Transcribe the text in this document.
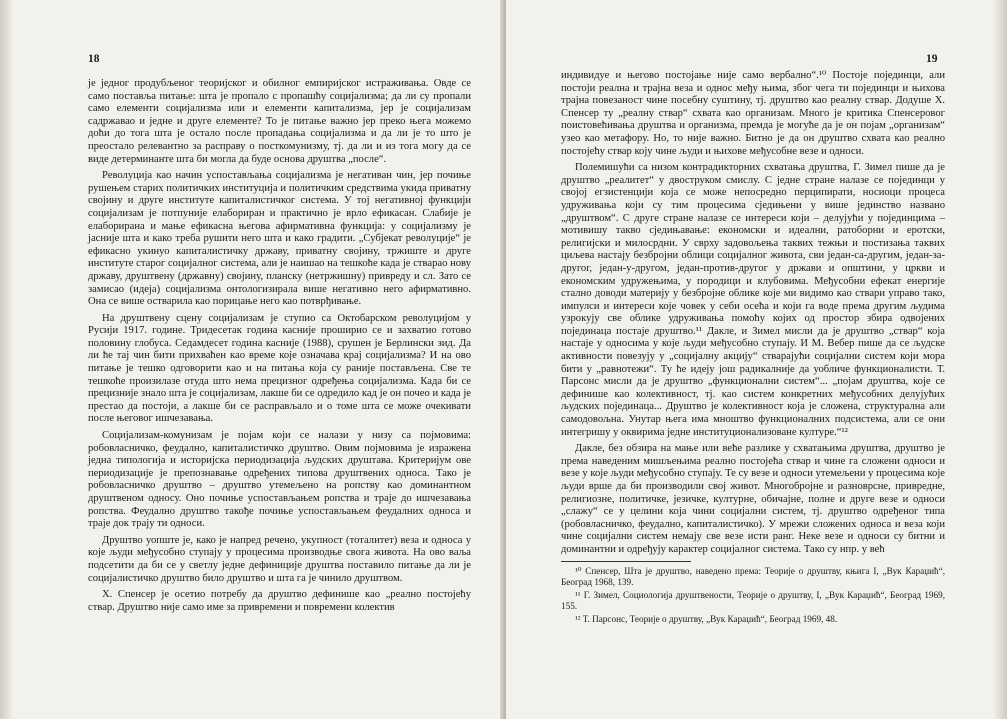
18

је једног продубљеног теоријског и обилног емпиријског истраживања. Овде се само поставља питање: шта је пропало с пропашћу социјализма; да ли су пропали само елементи социјализма или и елементи капитализма, јер је социјализам садржавао и једне и друге елементе? То је питање важно јер преко њега можемо доћи до тога шта је остало после пропадања социјализма и да ли је то што је преостало релевантно за расправу о посткомунизму, тј. да ли и из тога могу да се виде детерминанте шта би могла да буде основа друштва „после“.

Револуција као начин успостављања социјализма је негативан чин, јер почиње рушењем старих политичких институција и политичким средствима укида приватну својину и друге институте капиталистичког система. У тој негативној функцији социјализам је потпуније елабориран и практично је врло ефикасан. Слабије је елабориранa и мање ефикасна његова афирмативна функција: у социјализму је јасније шта и како треба рушити него шта и како градити. „Субјекат револуције“ је ефикасно укинуо капиталистичку државу, приватну својину, тржиште и друге институте старог социјалног система, али је наишао на тешкоће када је стварао нову државу, друштвену (државну) својину, планску (нетржишну) привреду и сл. Зато се замисао (идеја) социјализма онтологизирала више негативно него афирмативно. Она се више остварила као порицање него као потврђивање.

На друштвену сцену социјализам је ступио са Октобарском револуцијом у Русији 1917. године. Тридесетак година касније проширио се и захватио готово половину глобуса. Седамдесет година касније (1988), срушен је Берлински зид. Да ли ће тај чин бити прихваћен као време које означава крај социјализма? И на ово питање је тешко одговорити као и на питања која су раније постављена. Све те тешкоће произилазе отуда што нема прецизног одређења социјализма. Када би се прецизније знало шта је социјализам, лакше би се одредило кад је он почео и када је престао да постоји, а лакше би се расправљало и о томе шта се може очекивати после његовог ишчезавања.

Социјализам-комунизам је појам који се налази у низу са појмовима: робовласничко, феудално, капиталистичко друштво. Овим појмовима је изражена једна типологија и историјска периодизација људских друштава. Критеријум ове периодизације је препознавање одређених типова друштвених односа. Тако је робовласничко друштво – друштво утемељено на ропству као доминантном друштвеном односу. Оно почиње успостављањем ропства и траје до ишчезавања ропства. Феудално друштво такође почиње успостављањем феудалних односа и траје док трају ти односи.

Друштво уопште је, како је напред речено, укупност (тоталитет) веза и односа у које људи међусобно ступају у процесима производње свога живота. На ово ваља подсетити да би се у светлу једне дефиниције друштва поставило питање да ли је социјалистичко друштво било друштво и шта га је чинило друштвом.

Х. Спенсер је осетио потребу да друштво дефинише као „реално постојећу ствар. Друштво није само име за привремени и повремени колектив

19

индивидуе и његово постојање није само вербално“.¹⁰ Постоје појединци, али постоји реална и трајна веза и однос међу њима, због чега ти појединци и њихова трајна повезаност чине посебну суштину, тј. друштво као реалну ствар. Додуше Х. Спенсер ту „реалну ствар“ схвата као организам. Многo је критика Спенсеровог поистовећивања друштва и организма, премда је могуће да је он појам „организам“ узео као метафору. Но, то није важно. Битно је да он друштво схвата као реално постојећу ствар коју чине људи и њихове међусобне везе и односи.

Полемишући са низом контрадикторних схватања друштва, Г. Зимел пише да је друштво „реалитет“ у двоструком смислу. С једне стране налазе се појединци у својој егзистенцији која се може непосредно перципирати, носиоци процеса удруживања који су тим процесима сједињени у више јединство названо „друштвом“. С друге стране налазе се интереси који – делујући у појединцима – мотивишу такво сједињавање: економски и идеални, ратоборни и еротски, религијски и милосрдни. У сврху задовољења таквих тежњи и постизања таквих циљева настају безбројни облици социјалног живота, сви један-са-другим, један-за-другог, један-у-другом, један-против-другог у држави и општини, у цркви и економским удружењима, у породици и клубовима. Међусобни ефекат енергије стално доводи материју у безбројне облике које ми видимо као ствари управо тако, импулси и интереси које човек у себи осећа и који га воде према другим људима узрокују све облике удруживања помоћу којих од простор збира одвојених појединаца постаје друштво.¹¹ Дакле, и Зимел мисли да је друштво „ствар“ која настаје у односима у које људи међусобно ступају. И М. Вебер пише да се људске активности повезују у „социјалну акцију“ стварајући социјални систем који мора бити у „равнотежи“. Ту ће идеју још радикалније да уобличе функционалисти. Т. Парсонс мисли да је друштво „функционални систем“... „појам друштва, које се дефинише као колективност, тј. као систем конкретних међусобних делујућих људских појединаца... Друштво је колективност која је сложена, структурална али самодовољна. Унутар њега има мноштво функционалних подсистема, али се они интегришу у оквирима једне институционализоване културе.“¹²

Дакле, без обзира на мање или веће разлике у схватањима друштва, друштво је према наведеним мишљењима реално постојећа ствар и чине га сложени односи и везе у које људи међусобно ступају. Те су везе и односи утемељени у процесима које људи врше да би производили свој живот. Многобројне и разноврсне, привредне, религиозне, политичке, језичке, културне, обичајне, полне и друге везе и односи „слажу“ се у целини која чини социјални систем, тј. друштво одређеног типа (робовласничко, феудално, капиталистичко). У мрежи сложених односа и веза који чине социјални систем немају све везе исти ранг. Неке везе и односи су битни и доминантни и одређују карактер социјалног система. Тако су нпр. у већ

¹⁰ Спенсер, Шта је друштво, наведено према: Теорије о друштву, књига I, „Вук Караџић“, Београд 1968, 139.

¹¹ Г. Зимел, Социологија друштвености, Теорије о друштву, I, „Вук Караџић“, Београд 1969, 155.

¹² Т. Парсонс, Теорије о друштву, „Вук Караџић“, Београд 1969, 48.
